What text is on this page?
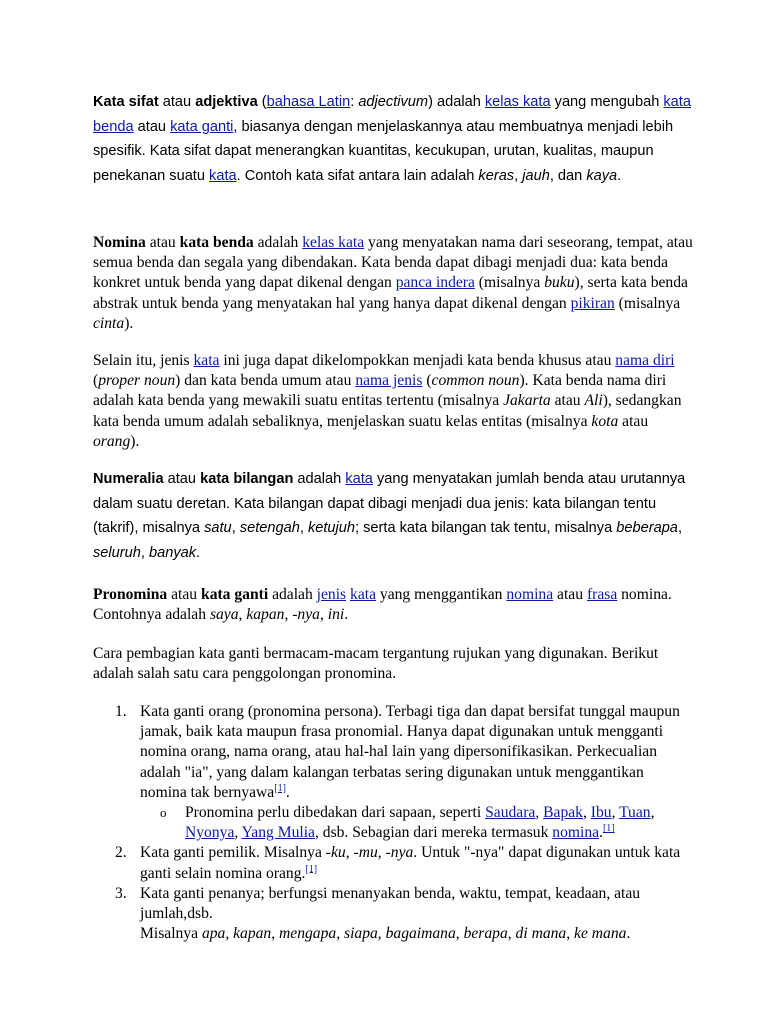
Kata sifat atau adjektiva (bahasa Latin: adjectivum) adalah kelas kata yang mengubah kata benda atau kata ganti, biasanya dengan menjelaskannya atau membuatnya menjadi lebih spesifik. Kata sifat dapat menerangkan kuantitas, kecukupan, urutan, kualitas, maupun penekanan suatu kata. Contoh kata sifat antara lain adalah keras, jauh, dan kaya.

Nomina atau kata benda adalah kelas kata yang menyatakan nama dari seseorang, tempat, atau semua benda dan segala yang dibendakan. Kata benda dapat dibagi menjadi dua: kata benda konkret untuk benda yang dapat dikenal dengan panca indera (misalnya buku), serta kata benda abstrak untuk benda yang menyatakan hal yang hanya dapat dikenal dengan pikiran (misalnya cinta).

Selain itu, jenis kata ini juga dapat dikelompokkan menjadi kata benda khusus atau nama diri (proper noun) dan kata benda umum atau nama jenis (common noun). Kata benda nama diri adalah kata benda yang mewakili suatu entitas tertentu (misalnya Jakarta atau Ali), sedangkan kata benda umum adalah sebaliknya, menjelaskan suatu kelas entitas (misalnya kota atau orang).

Numeralia atau kata bilangan adalah kata yang menyatakan jumlah benda atau urutannya dalam suatu deretan. Kata bilangan dapat dibagi menjadi dua jenis: kata bilangan tentu (takrif), misalnya satu, setengah, ketujuh; serta kata bilangan tak tentu, misalnya beberapa, seluruh, banyak.

Pronomina atau kata ganti adalah jenis kata yang menggantikan nomina atau frasa nomina. Contohnya adalah saya, kapan, -nya, ini.

Cara pembagian kata ganti bermacam-macam tergantung rujukan yang digunakan. Berikut adalah salah satu cara penggolongan pronomina.

1. Kata ganti orang (pronomina persona). Terbagi tiga dan dapat bersifat tunggal maupun jamak, baik kata maupun frasa pronomial. Hanya dapat digunakan untuk mengganti nomina orang, nama orang, atau hal-hal lain yang dipersonifikasikan. Perkecualian adalah "ia", yang dalam kalangan terbatas sering digunakan untuk menggantikan nomina tak bernyawa[1].
o Pronomina perlu dibedakan dari sapaan, seperti Saudara, Bapak, Ibu, Tuan, Nyonya, Yang Mulia, dsb. Sebagian dari mereka termasuk nomina.[1]
2. Kata ganti pemilik. Misalnya -ku, -mu, -nya. Untuk "-nya" dapat digunakan untuk kata ganti selain nomina orang.[1]
3. Kata ganti penanya; berfungsi menanyakan benda, waktu, tempat, keadaan, atau jumlah,dsb.
Misalnya apa, kapan, mengapa, siapa, bagaimana, berapa, di mana, ke mana.
